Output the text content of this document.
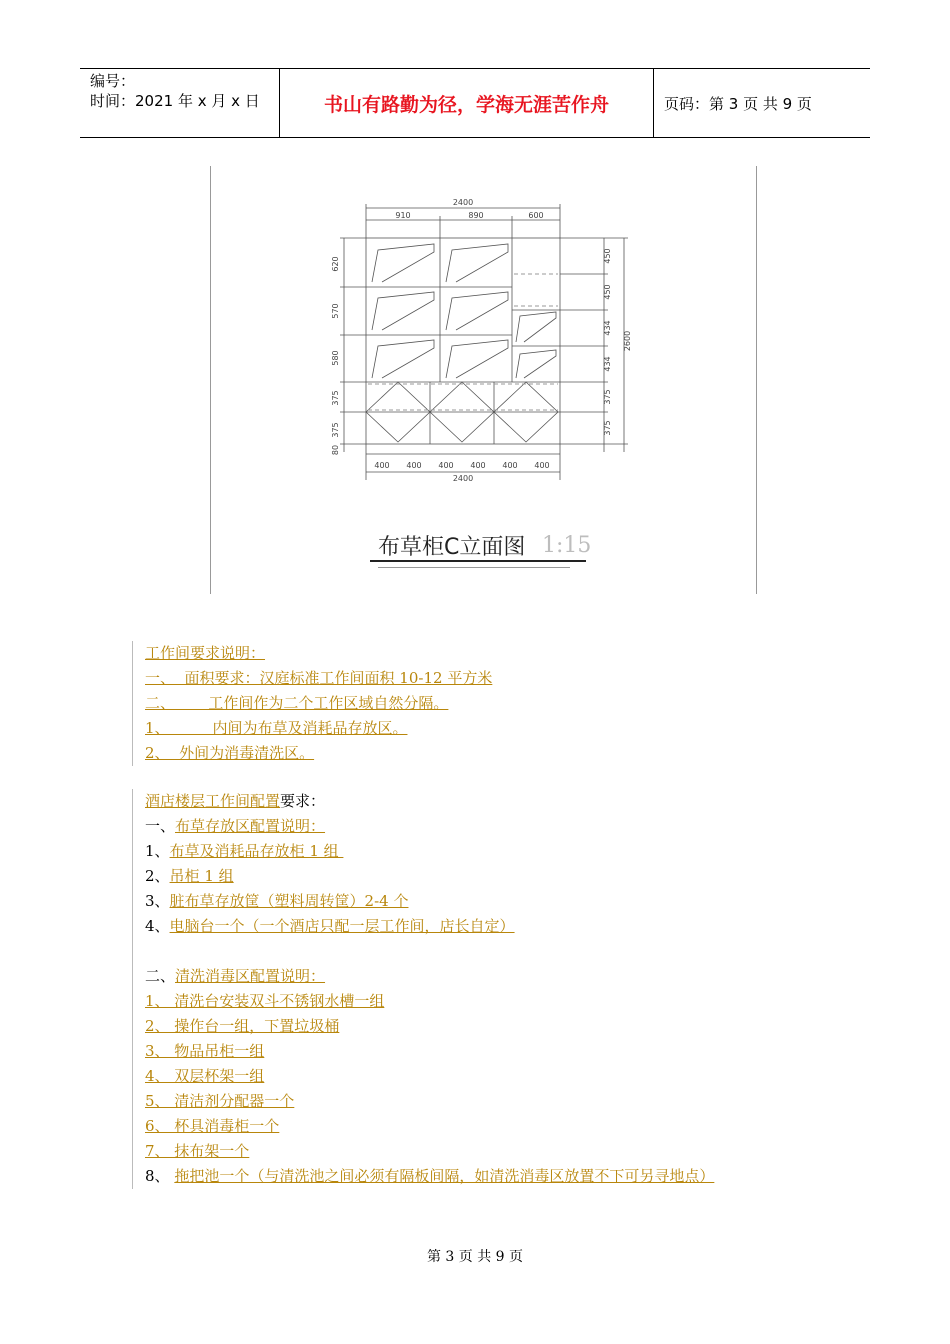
编号：
时间：2021 年 x 月 x 日	书山有路勤为径，学海无涯苦作舟	页码：第 3 页 共 9 页
2400
910	890	600
620
570
580
375
375
80
450
450
434
434
375
375
2600
400 400 400 400 400 400
2400
布草柜C立面图 1:15
工作间要求说明：
一、  面积要求：汉庭标准工作间面积 10-12 平方米
二、       工作间作为二个工作区域自然分隔。
1、         内间为布草及消耗品存放区。
2、  外间为消毒清洗区。
酒店楼层工作间配置要求：
一、布草存放区配置说明：
1、布草及消耗品存放柜 1 组
2、吊柜 1 组
3、脏布草存放筐（塑料周转筐）2-4 个
4、电脑台一个（一个酒店只配一层工作间，店长自定）
二、清洗消毒区配置说明：
1、 清洗台安装双斗不锈钢水槽一组
2、 操作台一组，下置垃圾桶
3、 物品吊柜一组
4、 双层杯架一组
5、 清洁剂分配器一个
6、 杯具消毒柜一个
7、 抹布架一个
8、 拖把池一个（与清洗池之间必须有隔板间隔，如清洗消毒区放置不下可另寻地点）
第 3 页 共 9 页
